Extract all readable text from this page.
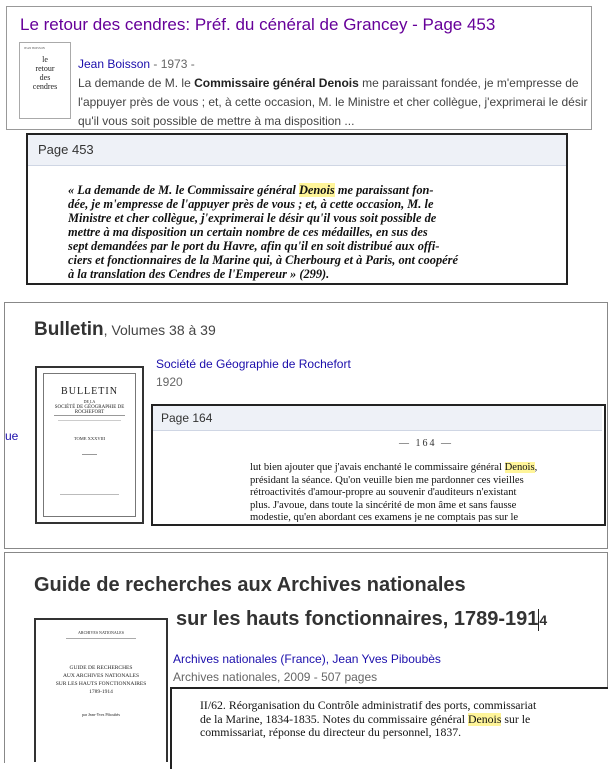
Le retour des cendres: Préf. du cénéral de Grancey - Page 453
JEAN BOISSON
le
retour
des
cendres
Jean Boisson - 1973 -
La demande de M. le Commissaire général Denois me paraissant fondée, je m'empresse de l'appuyer près de vous ; et, à cette occasion, M. le Ministre et cher collègue, j'exprimerai le désir qu'il vous soit possible de mettre à ma disposition ...
Page 453
« La demande de M. le Commissaire général Denois me paraissant fon-
dée, je m'empresse de l'appuyer près de vous ; et, à cette occasion, M. le
Ministre et cher collègue, j'exprimerai le désir qu'il vous soit possible de
mettre à ma disposition un certain nombre de ces médailles, en sus des
sept demandées par le port du Havre, afin qu'il en soit distribué aux offi-
ciers et fonctionnaires de la Marine qui, à Cherbourg et à Paris, ont coopéré
à la translation des Cendres de l'Empereur » (299).
Bulletin, Volumes 38 à 39
ue
BULLETIN
DE LA
SOCIÉTÉ DE GÉOGRAPHIE DE ROCHEFORT
TOME XXXVIII
Société de Géographie de Rochefort
1920
Page 164
— 164 —
lut bien ajouter que j'avais enchanté le commissaire général Denois,
présidant la séance. Qu'on veuille bien me pardonner ces vieilles
rétroactivités d'amour-propre au souvenir d'auditeurs n'existant
plus. J'avoue, dans toute la sincérité de mon âme et sans fausse
modestie, qu'en abordant ces examens je ne comptais pas sur le
Guide de recherches aux Archives nationales
sur les hauts fonctionnaires, 1789-1914
ARCHIVES NATIONALES
GUIDE DE RECHERCHES
AUX ARCHIVES NATIONALES
SUR LES HAUTS FONCTIONNAIRES
1789-1914
par Jean-Yves Piboubès
Archives nationales (France), Jean Yves Piboubès
Archives nationales, 2009 - 507 pages
II/62. Réorganisation du Contrôle administratif des ports, commissariat
de la Marine, 1834-1835. Notes du commissaire général Denois sur le
commissariat, réponse du directeur du personnel, 1837.
